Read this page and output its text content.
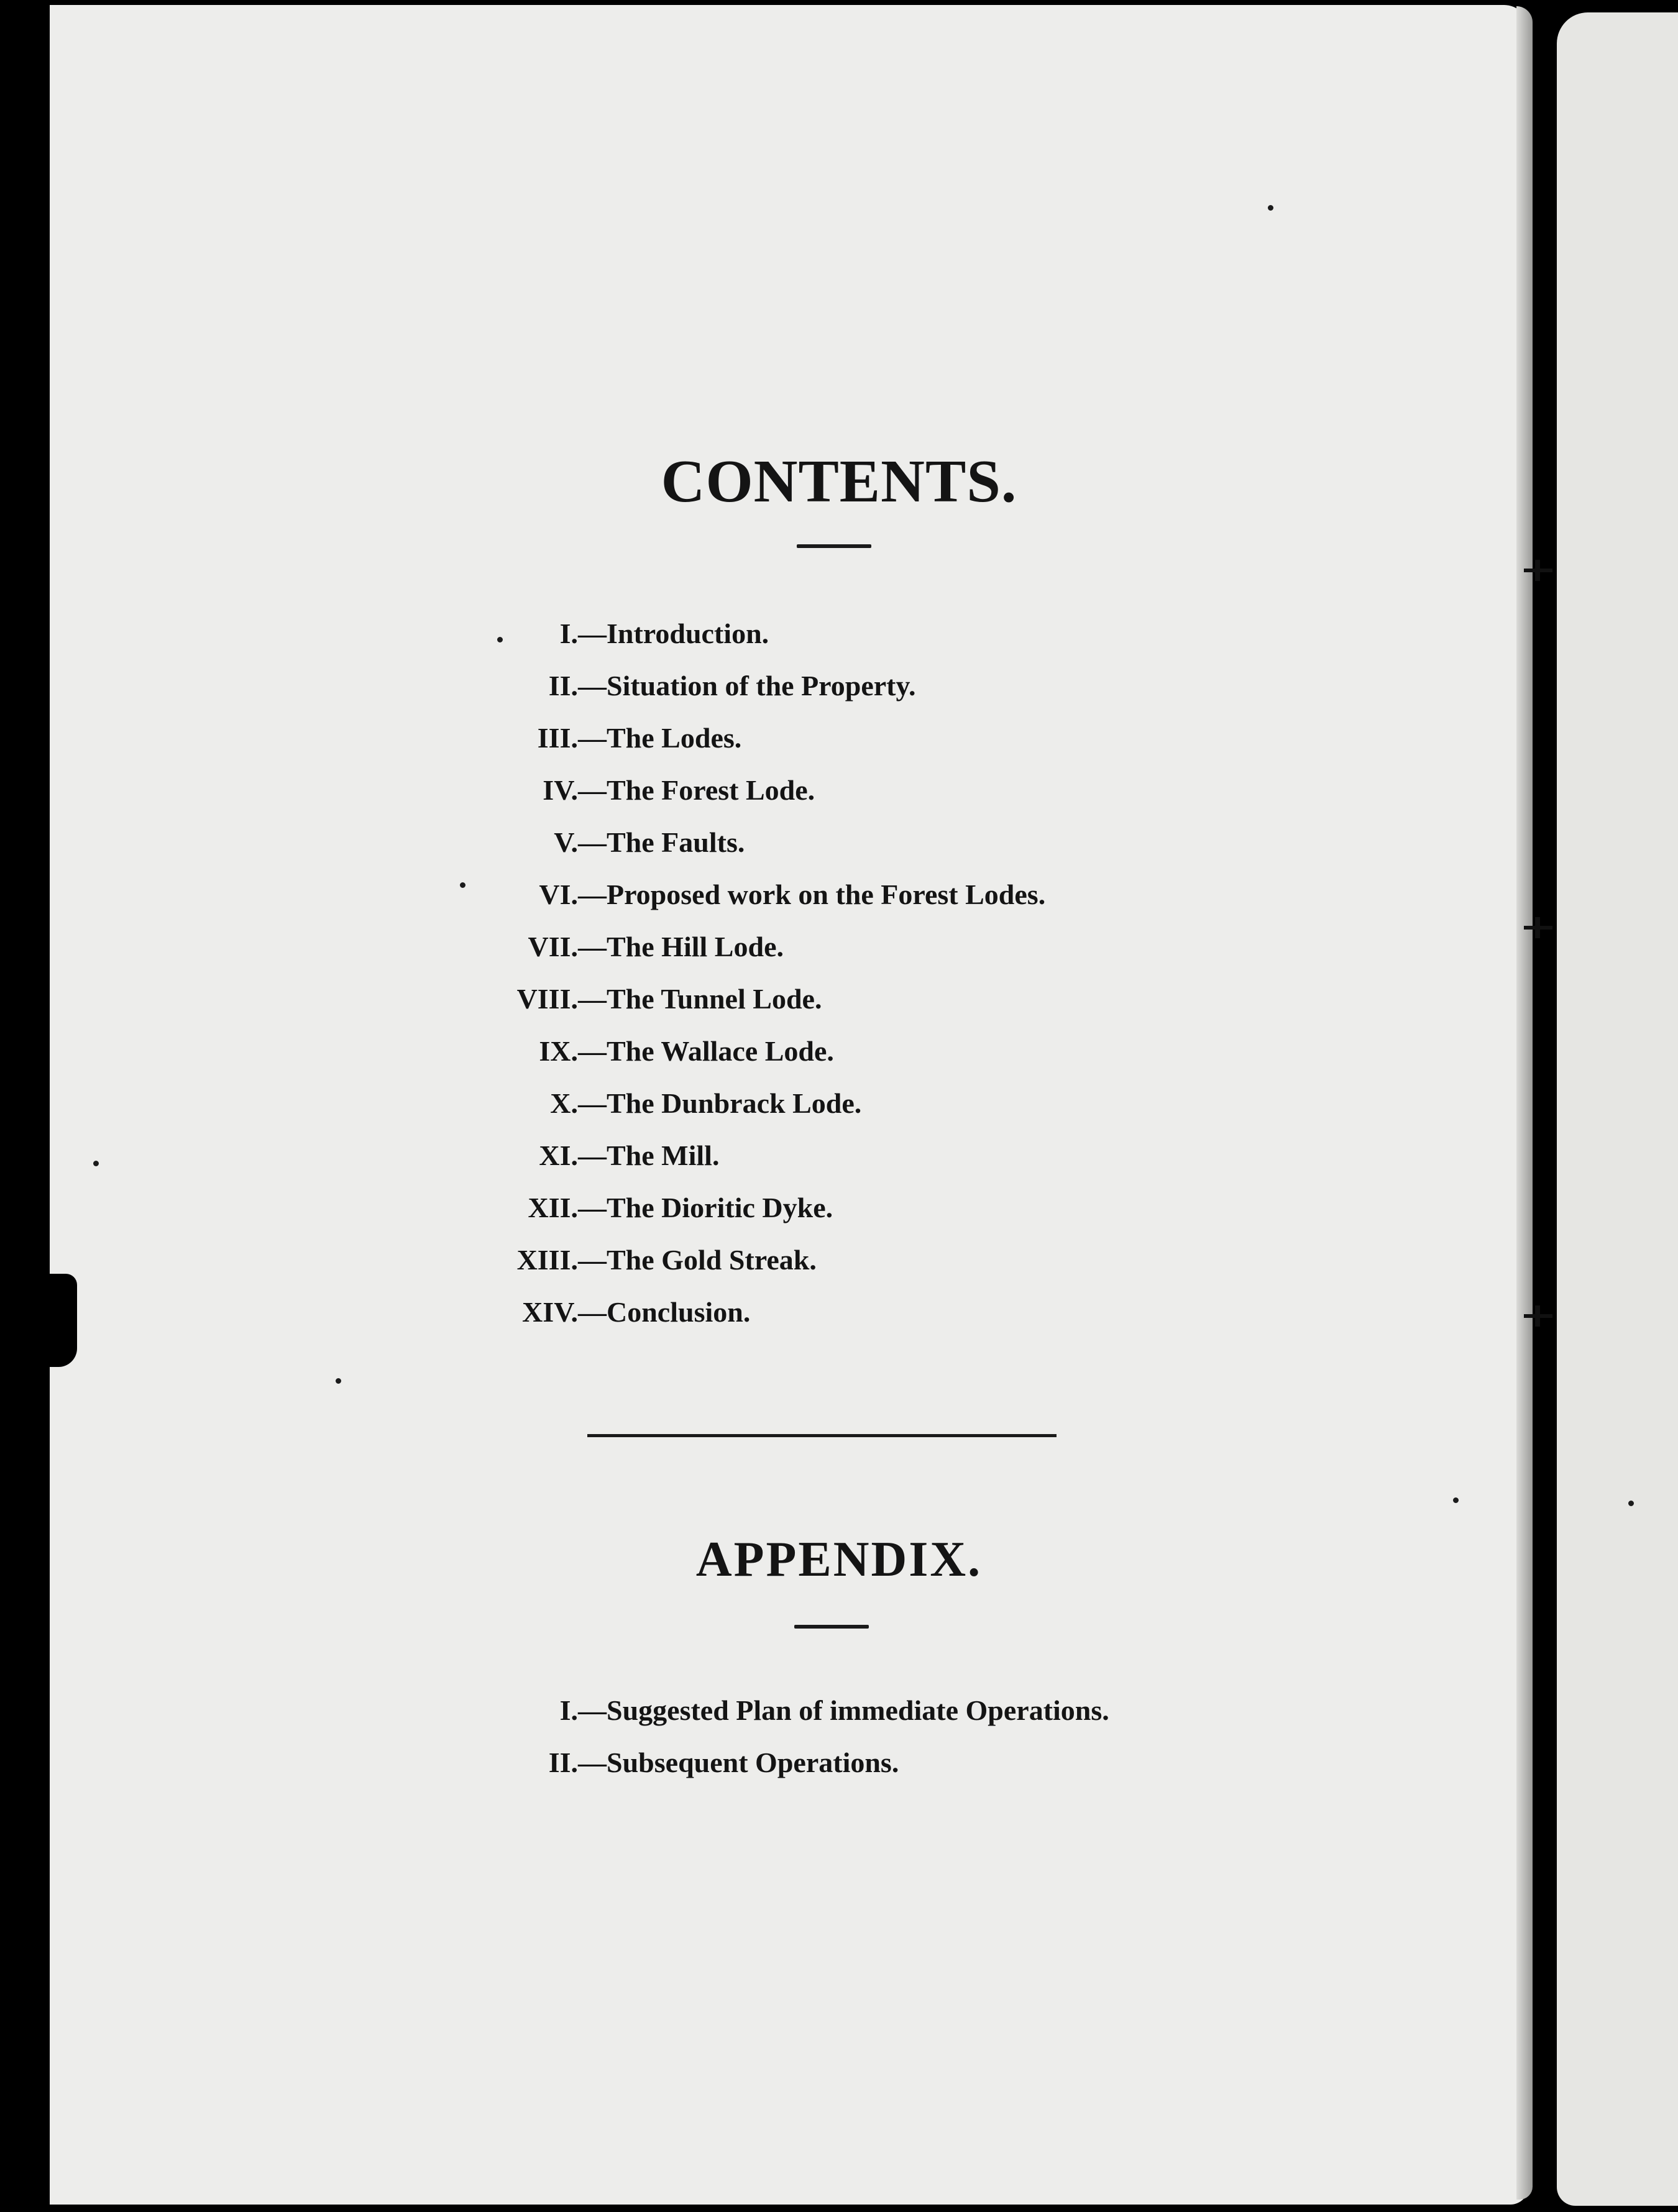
CONTENTS.
I. —Introduction.
II. —Situation of the Property.
III. —The Lodes.
IV. —The Forest Lode.
V. —The Faults.
VI. —Proposed work on the Forest Lodes.
VII. —The Hill Lode.
VIII. —The Tunnel Lode.
IX. —The Wallace Lode.
X. —The Dunbrack Lode.
XI. —The Mill.
XII. —The Dioritic Dyke.
XIII. —The Gold Streak.
XIV. —Conclusion.
APPENDIX.
I. —Suggested Plan of immediate Operations.
II. —Subsequent Operations.
